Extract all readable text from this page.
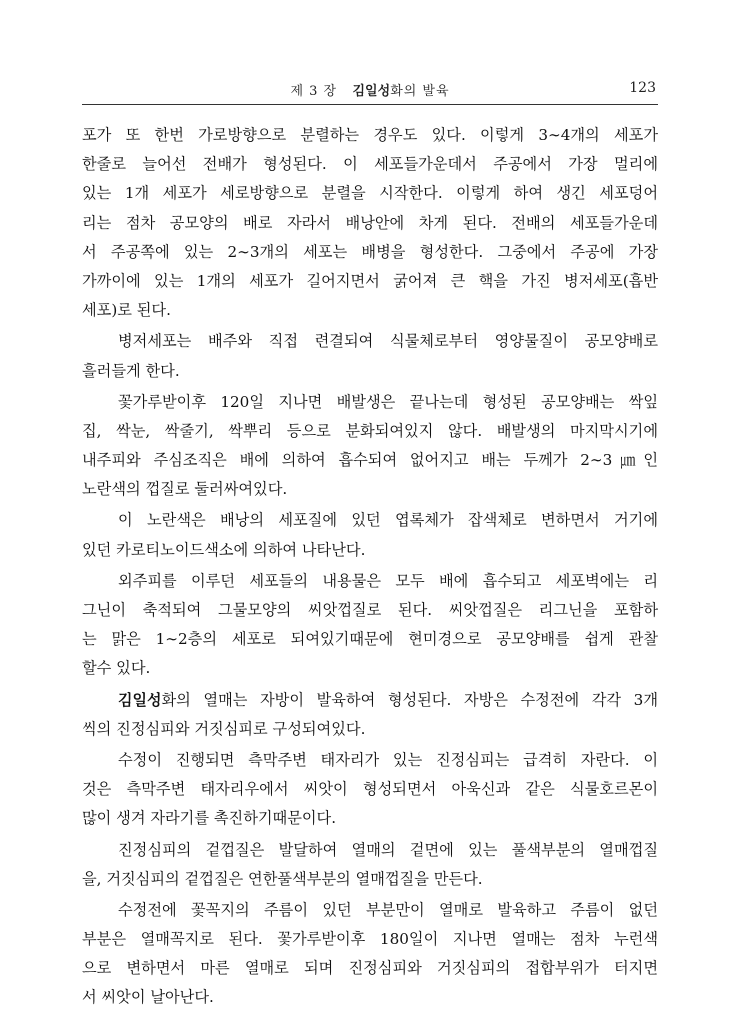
제 3 장 김일성화의 발육	123
포가 또 한번 가로방향으로 분렬하는 경우도 있다. 이렇게 3∼4개의 세포가
한줄로 늘어선 전배가 형성된다. 이 세포들가운데서 주공에서 가장 멀리에
있는 1개 세포가 세로방향으로 분렬을 시작한다. 이렇게 하여 생긴 세포덩어
리는 점차 공모양의 배로 자라서 배낭안에 차게 된다. 전배의 세포들가운데
서 주공쪽에 있는 2∼3개의 세포는 배병을 형성한다. 그중에서 주공에 가장
가까이에 있는 1개의 세포가 길어지면서 굵어져 큰 핵을 가진 병저세포(흡반
세포)로 된다.
병저세포는 배주와 직접 련결되여 식물체로부터 영양물질이 공모양배로
흘러들게 한다.
꽃가루받이후 120일 지나면 배발생은 끝나는데 형성된 공모양배는 싹잎
집, 싹눈, 싹줄기, 싹뿌리 등으로 분화되여있지 않다. 배발생의 마지막시기에
내주피와 주심조직은 배에 의하여 흡수되여 없어지고 배는 두께가 2∼3㎛인
노란색의 껍질로 둘러싸여있다.
이 노란색은 배낭의 세포질에 있던 엽록체가 잡색체로 변하면서 거기에
있던 카로티노이드색소에 의하여 나타난다.
외주피를 이루던 세포들의 내용물은 모두 배에 흡수되고 세포벽에는 리
그닌이 축적되여 그물모양의 씨앗껍질로 된다. 씨앗껍질은 리그닌을 포함하
는 맑은 1∼2층의 세포로 되여있기때문에 현미경으로 공모양배를 쉽게 관찰
할수 있다.
김일성화의 열매는 자방이 발육하여 형성된다. 자방은 수정전에 각각 3개
씩의 진정심피와 거짓심피로 구성되여있다.
수정이 진행되면 측막주변 태자리가 있는 진정심피는 급격히 자란다. 이
것은 측막주변 태자리우에서 씨앗이 형성되면서 아욱신과 같은 식물호르몬이
많이 생겨 자라기를 촉진하기때문이다.
진정심피의 겉껍질은 발달하여 열매의 겉면에 있는 풀색부분의 열매껍질
을, 거짓심피의 겉껍질은 연한풀색부분의 열매껍질을 만든다.
수정전에 꽃꼭지의 주름이 있던 부분만이 열매로 발육하고 주름이 없던
부분은 열매꼭지로 된다. 꽃가루받이후 180일이 지나면 열매는 점차 누런색
으로 변하면서 마른 열매로 되며 진정심피와 거짓심피의 접합부위가 터지면
서 씨앗이 날아난다.
